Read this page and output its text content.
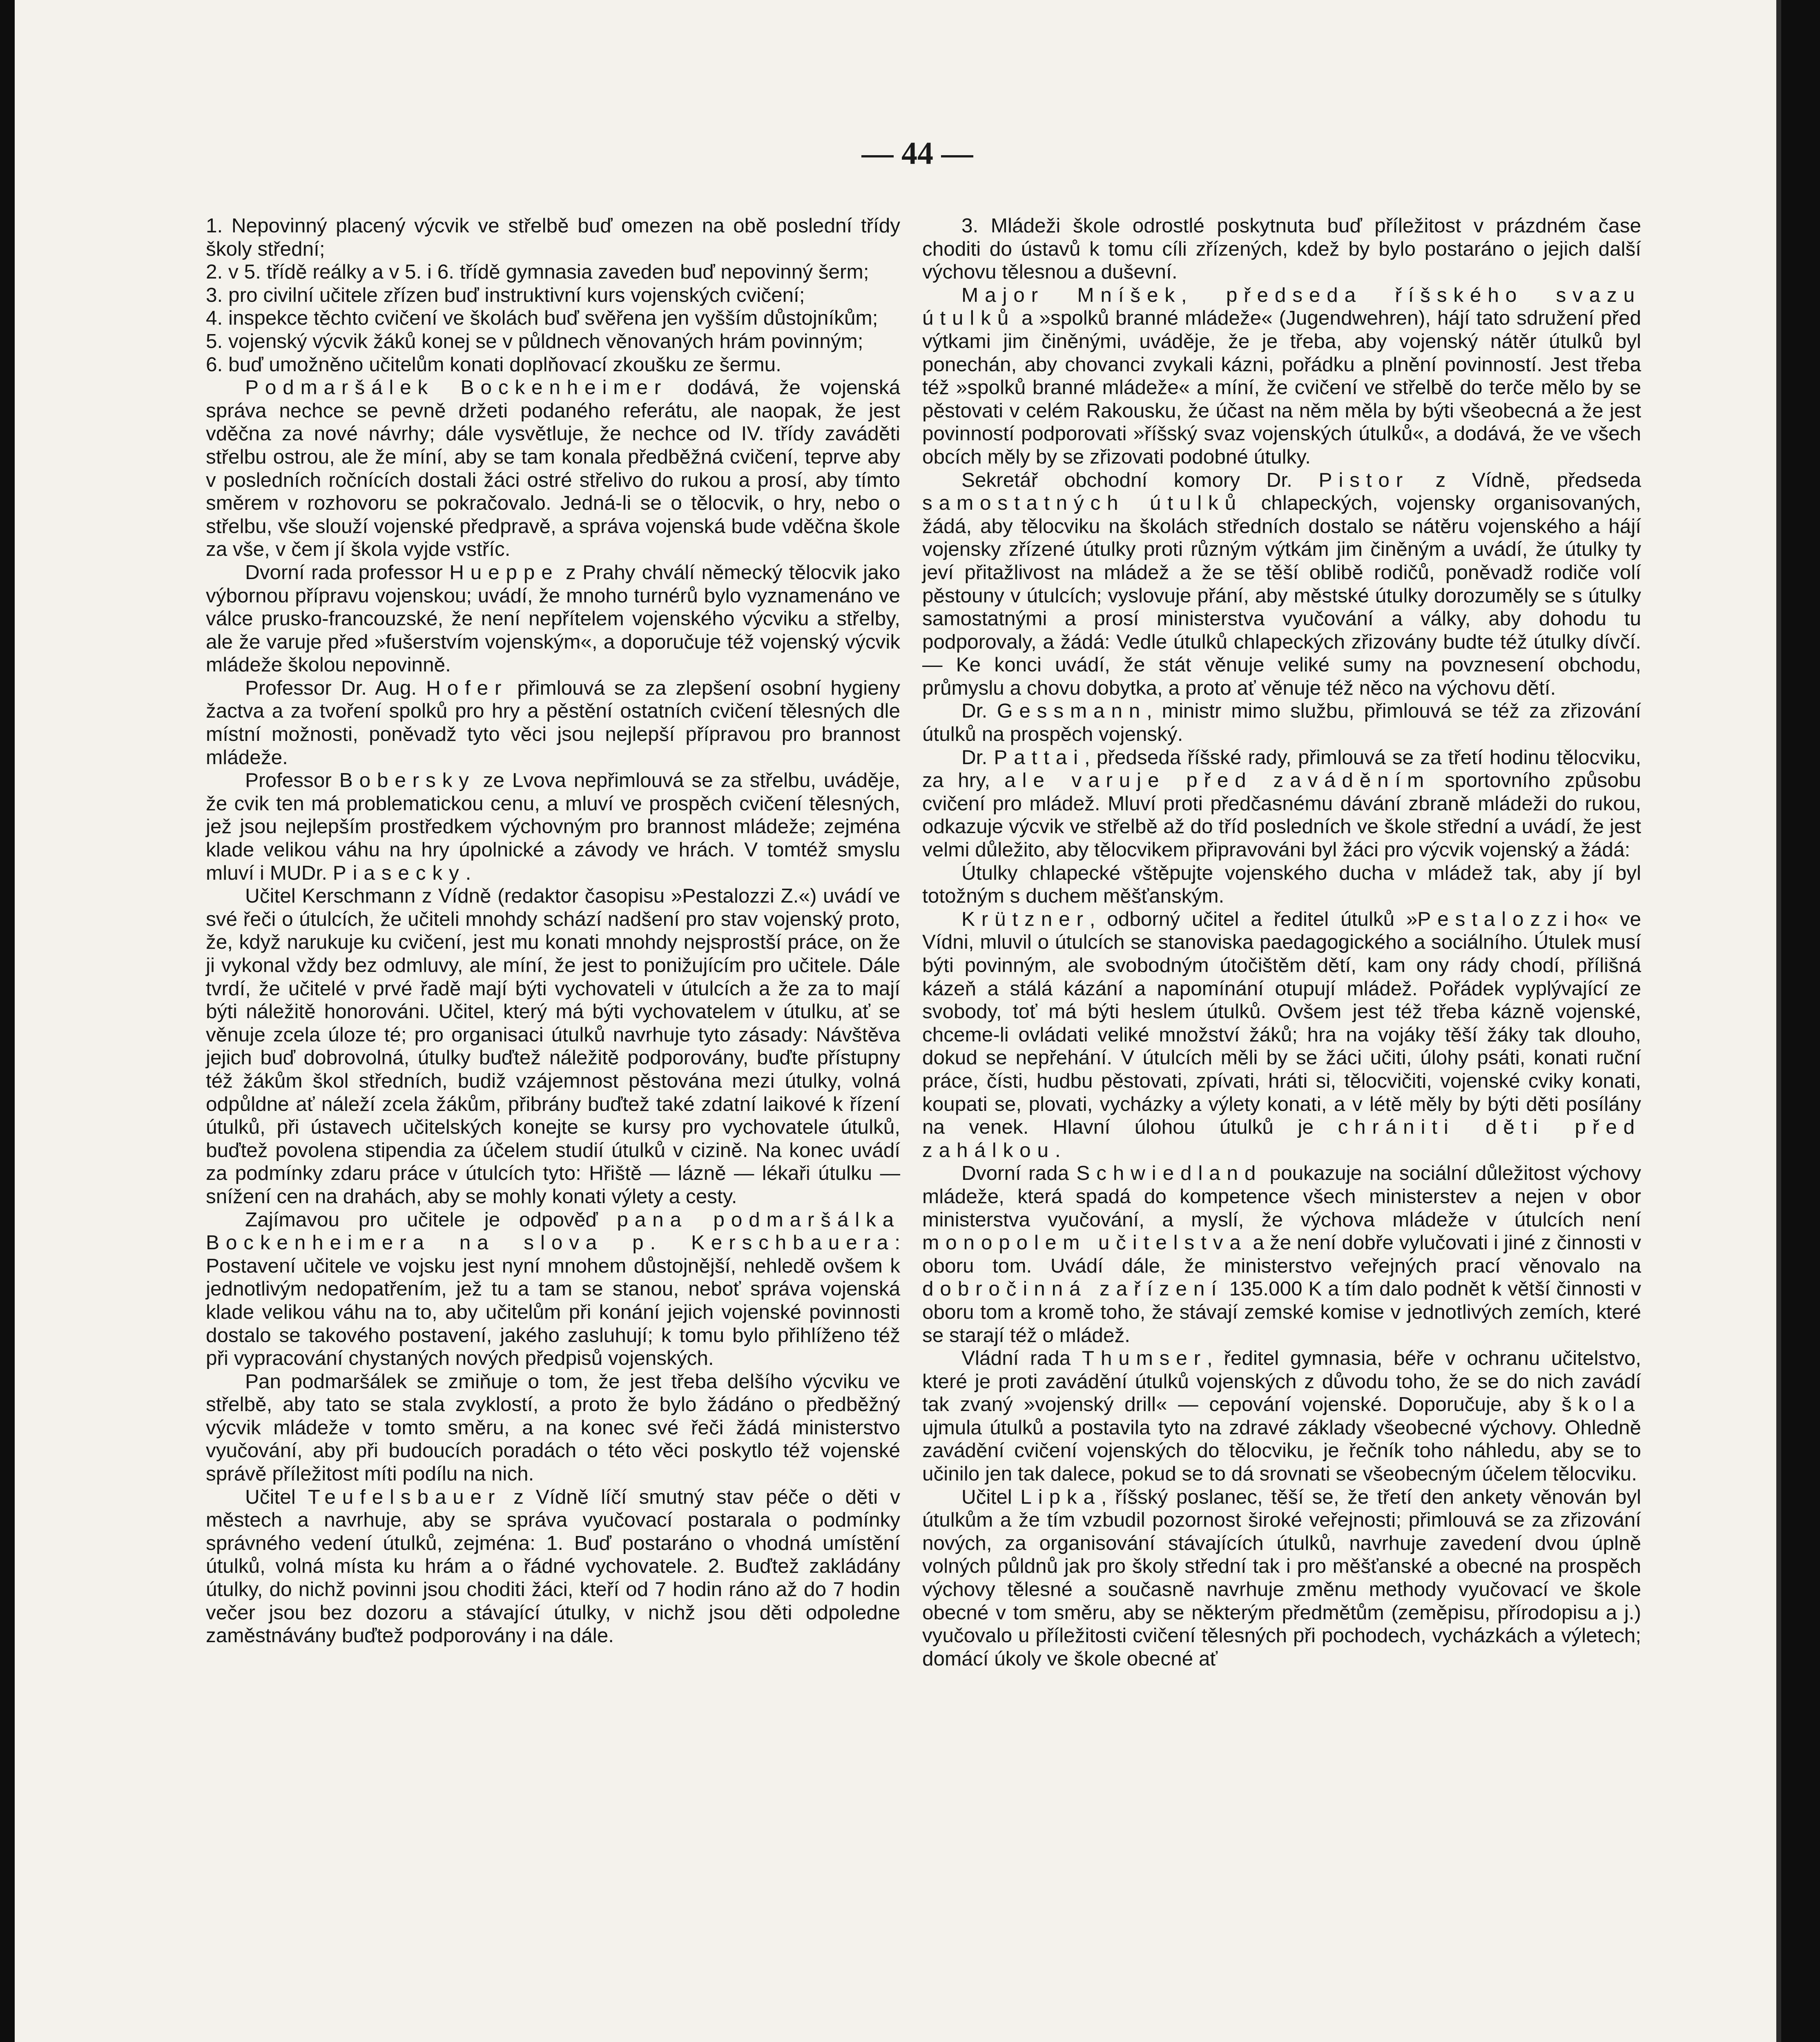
— 44 —

1. Nepovinný placený výcvik ve střelbě buď omezen na obě poslední třídy školy střední;

2. v 5. třídě reálky a v 5. i 6. třídě gymnasia zaveden buď nepovinný šerm;

3. pro civilní učitele zřízen buď instruktivní kurs vojenských cvičení;

4. inspekce těchto cvičení ve školách buď svěřena jen vyšším důstojníkům;

5. vojenský výcvik žáků konej se v půldnech věnovaných hrám povinným;

6. buď umožněno učitelům konati doplňovací zkoušku ze šermu.

Podmaršálek Bockenheimer dodává, že vojenská správa nechce se pevně držeti podaného referátu, ale naopak, že jest vděčna za nové návrhy; dále vysvětluje, že nechce od IV. třídy zaváděti střelbu ostrou, ale že míní, aby se tam konala předběžná cvičení, teprve aby v posledních ročnících dostali žáci ostré střelivo do rukou a prosí, aby tímto směrem v rozhovoru se pokračovalo. Jedná-li se o tělocvik, o hry, nebo o střelbu, vše slouží vojenské předpravě, a správa vojenská bude vděčna škole za vše, v čem jí škola vyjde vstříc.

Dvorní rada professor Hueppe z Prahy chválí německý tělocvik jako výbornou přípravu vojenskou; uvádí, že mnoho turnérů bylo vyznamenáno ve válce prusko-francouzské, že není nepřítelem vojenského výcviku a střelby, ale že varuje před »fušerstvím vojenským«, a doporučuje též vojenský výcvik mládeže školou nepovinně.

Professor Dr. Aug. Hofer přimlouvá se za zlepšení osobní hygieny žactva a za tvoření spolků pro hry a pěstění ostatních cvičení tělesných dle místní možnosti, poněvadž tyto věci jsou nejlepší přípravou pro brannost mládeže.

Professor Bobersky ze Lvova nepřimlouvá se za střelbu, uváděje, že cvik ten má problematickou cenu, a mluví ve prospěch cvičení tělesných, jež jsou nejlepším prostředkem výchovným pro brannost mládeže; zejména klade velikou váhu na hry úpolnické a závody ve hrách. V tomtéž smyslu mluví i MUDr. Piasecky.

Učitel Kerschmann z Vídně (redaktor časopisu »Pestalozzi Z.«) uvádí ve své řeči o útulcích, že učiteli mnohdy schází nadšení pro stav vojenský proto, že, když narukuje ku cvičení, jest mu konati mnohdy nejsprostší práce, on že ji vykonal vždy bez odmluvy, ale míní, že jest to ponižujícím pro učitele. Dále tvrdí, že učitelé v prvé řadě mají býti vychovateli v útulcích a že za to mají býti náležitě honorováni. Učitel, který má býti vychovatelem v útulku, ať se věnuje zcela úloze té; pro organisaci útulků navrhuje tyto zásady: Návštěva jejich buď dobrovolná, útulky buďtež náležitě podporovány, buďte přístupny též žákům škol středních, budiž vzájemnost pěstována mezi útulky, volná odpůldne ať náleží zcela žákům, přibrány buďtež také zdatní laikové k řízení útulků, při ústavech učitelských konejte se kursy pro vychovatele útulků, buďtež povolena stipendia za účelem studií útulků v cizině. Na konec uvádí za podmínky zdaru práce v útulcích tyto: Hřiště — lázně — lékaři útulku — snížení cen na drahách, aby se mohly konati výlety a cesty.

Zajímavou pro učitele je odpověď pana podmaršálka Bockenheimera na slova p. Kerschbauera: Postavení učitele ve vojsku jest nyní mnohem důstojnější, nehledě ovšem k jednotlivým nedopatřením, jež tu a tam se stanou, neboť správa vojenská klade velikou váhu na to, aby učitelům při konání jejich vojenské povinnosti dostalo se takového postavení, jakého zasluhují; k tomu bylo přihlíženo též při vypracování chystaných nových předpisů vojenských.

Pan podmaršálek se zmiňuje o tom, že jest třeba delšího výcviku ve střelbě, aby tato se stala zvyklostí, a proto že bylo žádáno o předběžný výcvik mládeže v tomto směru, a na konec své řeči žádá ministerstvo vyučování, aby při budoucích poradách o této věci poskytlo též vojenské správě příležitost míti podílu na nich.

Učitel Teufelsbauer z Vídně líčí smutný stav péče o děti v městech a navrhuje, aby se správa vyučovací postarala o podmínky správného vedení útulků, zejména: 1. Buď postaráno o vhodná umístění útulků, volná místa ku hrám a o řádné vychovatele. 2. Buďtež zakládány útulky, do nichž povinni jsou choditi žáci, kteří od 7 hodin ráno až do 7 hodin večer jsou bez dozoru a stávající útulky, v nichž jsou děti odpoledne zaměstnávány buďtež podporovány i na dále.

3. Mládeži škole odrostlé poskytnuta buď příležitost v prázdném čase choditi do ústavů k tomu cíli zřízených, kdež by bylo postaráno o jejich další výchovu tělesnou a duševní.

Major Mníšek, předseda říšského svazu útulků a »spolků branné mládeže« (Jugendwehren), hájí tato sdružení před výtkami jim činěnými, uváděje, že je třeba, aby vojenský nátěr útulků byl ponechán, aby chovanci zvykali kázni, pořádku a plnění povinností. Jest třeba též »spolků branné mládeže« a míní, že cvičení ve střelbě do terče mělo by se pěstovati v celém Rakousku, že účast na něm měla by býti všeobecná a že jest povinností podporovati »říšský svaz vojenských útulků«, a dodává, že ve všech obcích měly by se zřizovati podobné útulky.

Sekretář obchodní komory Dr. Pistor z Vídně, předseda samostatných útulků chlapeckých, vojensky organisovaných, žádá, aby tělocviku na školách středních dostalo se nátěru vojenského a hájí vojensky zřízené útulky proti různým výtkám jim činěným a uvádí, že útulky ty jeví přitažlivost na mládež a že se těší oblibě rodičů, poněvadž rodiče volí pěstouny v útulcích; vyslovuje přání, aby městské útulky dorozuměly se s útulky samostatnými a prosí ministerstva vyučování a války, aby dohodu tu podporovaly, a žádá: Vedle útulků chlapeckých zřizovány budte též útulky dívčí. — Ke konci uvádí, že stát věnuje veliké sumy na povznesení obchodu, průmyslu a chovu dobytka, a proto ať věnuje též něco na výchovu dětí.

Dr. Gessmann, ministr mimo službu, přimlouvá se též za zřizování útulků na prospěch vojenský.

Dr. Pattai, předseda říšské rady, přimlouvá se za třetí hodinu tělocviku, za hry, ale varuje před zaváděním sportovního způsobu cvičení pro mládež. Mluví proti předčasnému dávání zbraně mládeži do rukou, odkazuje výcvik ve střelbě až do tříd posledních ve škole střední a uvádí, že jest velmi důležito, aby tělocvikem připravováni byl žáci pro výcvik vojenský a žádá:

Útulky chlapecké vštěpujte vojenského ducha v mládež tak, aby jí byl totožným s duchem měšťanským.

Krützner, odborný učitel a ředitel útulků »Pestalozziho« ve Vídni, mluvil o útulcích se stanoviska paedagogického a sociálního. Útulek musí býti povinným, ale svobodným útočištěm dětí, kam ony rády chodí, přílišná kázeň a stálá kázání a napomínání otupují mládež. Pořádek vyplývající ze svobody, toť má býti heslem útulků. Ovšem jest též třeba kázně vojenské, chceme-li ovládati veliké množství žáků; hra na vojáky těší žáky tak dlouho, dokud se nepřehání. V útulcích měli by se žáci učiti, úlohy psáti, konati ruční práce, čísti, hudbu pěstovati, zpívati, hráti si, tělocvičiti, vojenské cviky konati, koupati se, plovati, vycházky a výlety konati, a v létě měly by býti děti posílány na venek. Hlavní úlohou útulků je chrániti děti před zahálkou.

Dvorní rada Schwiedland poukazuje na sociální důležitost výchovy mládeže, která spadá do kompetence všech ministerstev a nejen v obor ministerstva vyučování, a myslí, že výchova mládeže v útulcích není monopolem učitelstva a že není dobře vylučovati i jiné z činnosti v oboru tom. Uvádí dále, že ministerstvo veřejných prací věnovalo na dobročinná zařízení 135.000 K a tím dalo podnět k větší činnosti v oboru tom a kromě toho, že stávají zemské komise v jednotlivých zemích, které se starají též o mládež.

Vládní rada Thumser, ředitel gymnasia, béře v ochranu učitelstvo, které je proti zavádění útulků vojenských z důvodu toho, že se do nich zavádí tak zvaný »vojenský drill« — cepování vojenské. Doporučuje, aby škola ujmula útulků a postavila tyto na zdravé základy všeobecné výchovy. Ohledně zavádění cvičení vojenských do tělocviku, je řečník toho náhledu, aby se to učinilo jen tak dalece, pokud se to dá srovnati se všeobecným účelem tělocviku.

Učitel Lipka, říšský poslanec, těší se, že třetí den ankety věnován byl útulkům a že tím vzbudil pozornost široké veřejnosti; přimlouvá se za zřizování nových, za organisování stávajících útulků, navrhuje zavedení dvou úplně volných půldnů jak pro školy střední tak i pro měšťanské a obecné na prospěch výchovy tělesné a současně navrhuje změnu methody vyučovací ve škole obecné v tom směru, aby se některým předmětům (zeměpisu, přírodopisu a j.) vyučovalo u příležitosti cvičení tělesných při pochodech, vycházkách a výletech; domácí úkoly ve škole obecné ať
